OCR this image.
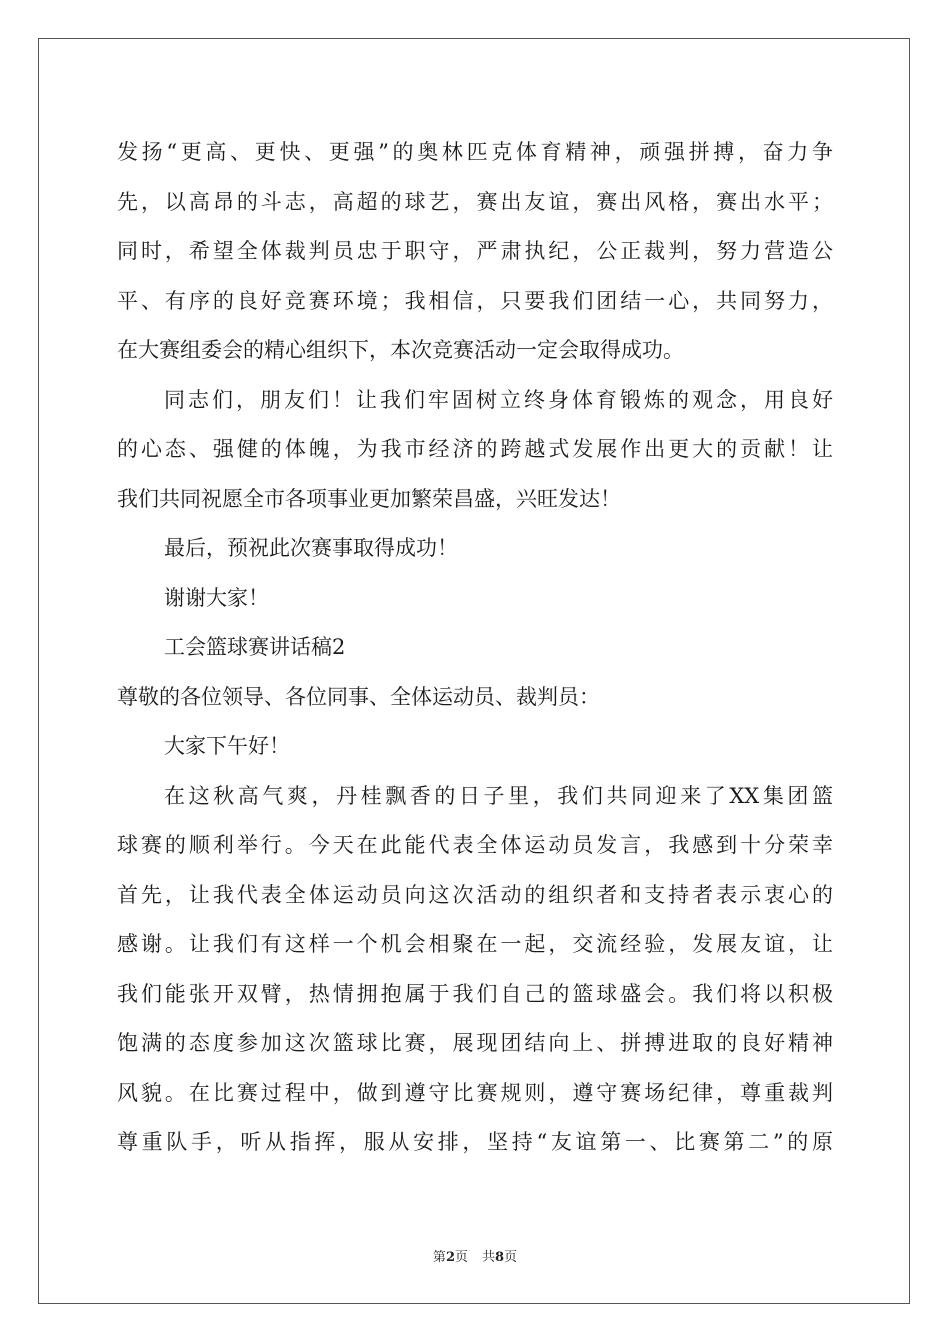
发扬“更高、更快、更强”的奥林匹克体育精神，顽强拼搏，奋力争
先，以高昂的斗志，高超的球艺，赛出友谊，赛出风格，赛出水平；
同时，希望全体裁判员忠于职守，严肃执纪，公正裁判，努力营造公
平、有序的良好竞赛环境；我相信，只要我们团结一心，共同努力，
在大赛组委会的精心组织下，本次竞赛活动一定会取得成功。
同志们，朋友们！让我们牢固树立终身体育锻炼的观念，用良好
的心态、强健的体魄，为我市经济的跨越式发展作出更大的贡献！让
我们共同祝愿全市各项事业更加繁荣昌盛，兴旺发达！
最后，预祝此次赛事取得成功！
谢谢大家！
工会篮球赛讲话稿2
尊敬的各位领导、各位同事、全体运动员、裁判员：
大家下午好！
在这秋高气爽，丹桂飘香的日子里，我们共同迎来了XX集团篮
球赛的顺利举行。今天在此能代表全体运动员发言，我感到十分荣幸
首先，让我代表全体运动员向这次活动的组织者和支持者表示衷心的
感谢。让我们有这样一个机会相聚在一起，交流经验，发展友谊，让
我们能张开双臂，热情拥抱属于我们自己的篮球盛会。我们将以积极
饱满的态度参加这次篮球比赛，展现团结向上、拼搏进取的良好精神
风貌。在比赛过程中，做到遵守比赛规则，遵守赛场纪律，尊重裁判
尊重队手，听从指挥，服从安排，坚持“友谊第一、比赛第二”的原
第2页 共8页
